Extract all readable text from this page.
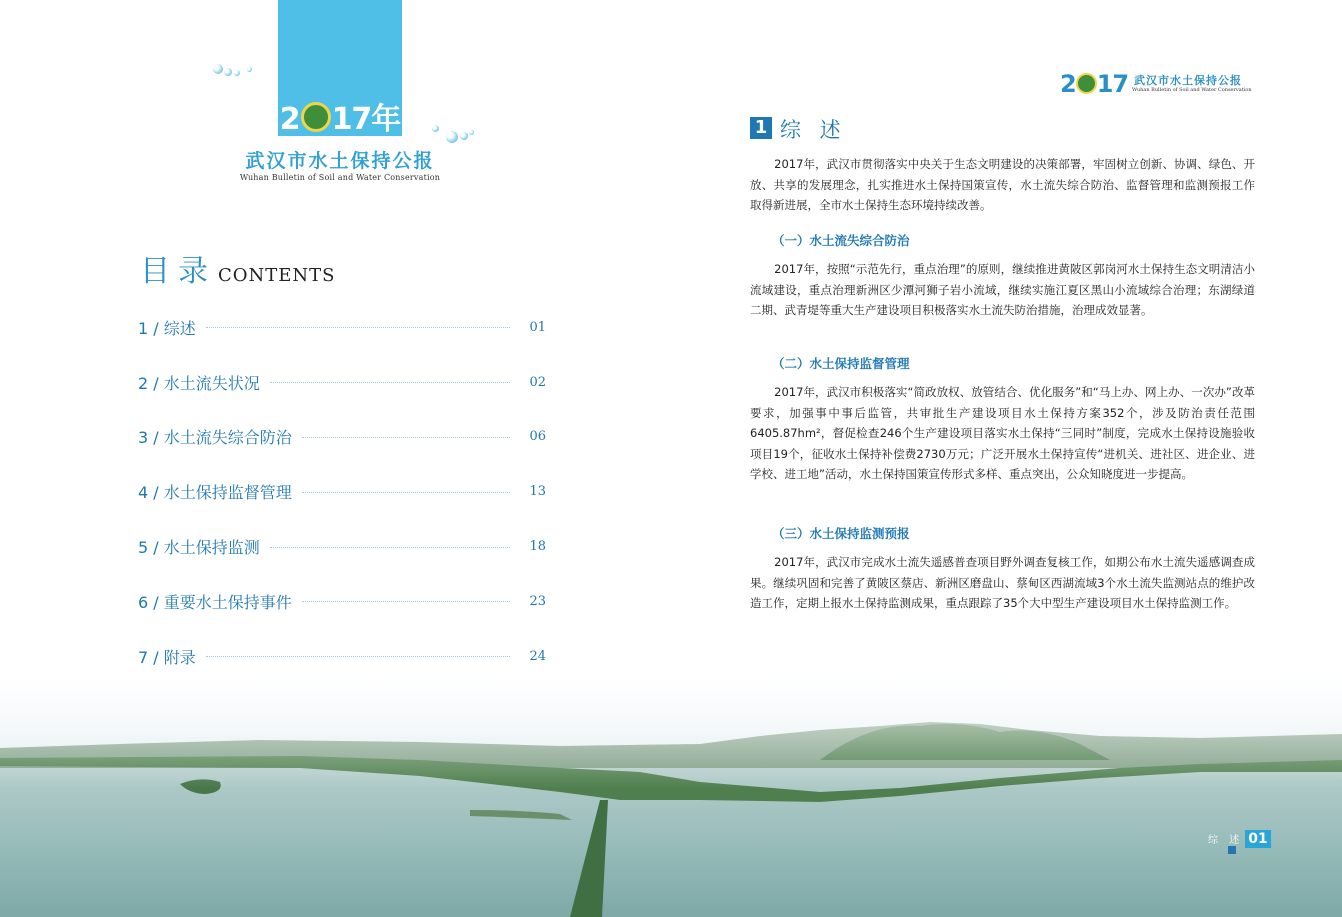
2 17年
武汉市水土保持公报
Wuhan Bulletin of Soil and Water Conservation
目录 CONTENTS
1 / 综述	01
2 / 水土流失状况	02
3 / 水土流失综合防治	06
4 / 水土保持监督管理	13
5 / 水土保持监测	18
6 / 重要水土保持事件	23
7 / 附录	24
2 17 武汉市水土保持公报
Wuhan Bulletin of Soil and Water Conservation
1 综 述

2017年，武汉市贯彻落实中央关于生态文明建设的决策部署，牢固树立创新、协调、绿色、开放、共享的发展理念，扎实推进水土保持国策宣传，水土流失综合防治、监督管理和监测预报工作取得新进展，全市水土保持生态环境持续改善。

（一）水土流失综合防治

2017年，按照“示范先行，重点治理”的原则，继续推进黄陂区郭岗河水土保持生态文明清洁小流域建设，重点治理新洲区少潭河狮子岩小流域，继续实施江夏区黑山小流域综合治理；东湖绿道二期、武青堤等重大生产建设项目积极落实水土流失防治措施，治理成效显著。

（二）水土保持监督管理

2017年，武汉市积极落实“简政放权、放管结合、优化服务”和“马上办、网上办、一次办”改革要求，加强事中事后监管，共审批生产建设项目水土保持方案352个，涉及防治责任范围6405.87hm²，督促检查246个生产建设项目落实水土保持“三同时”制度，完成水土保持设施验收项目19个，征收水土保持补偿费2730万元；广泛开展水土保持宣传“进机关、进社区、进企业、进学校、进工地”活动，水土保持国策宣传形式多样、重点突出，公众知晓度进一步提高。

（三）水土保持监测预报

2017年，武汉市完成水土流失遥感普查项目野外调查复核工作，如期公布水土流失遥感调查成果。继续巩固和完善了黄陂区蔡店、新洲区磨盘山、蔡甸区西湖流域3个水土流失监测站点的维护改造工作，定期上报水土保持监测成果，重点跟踪了35个大中型生产建设项目水土保持监测工作。

综 述 01
